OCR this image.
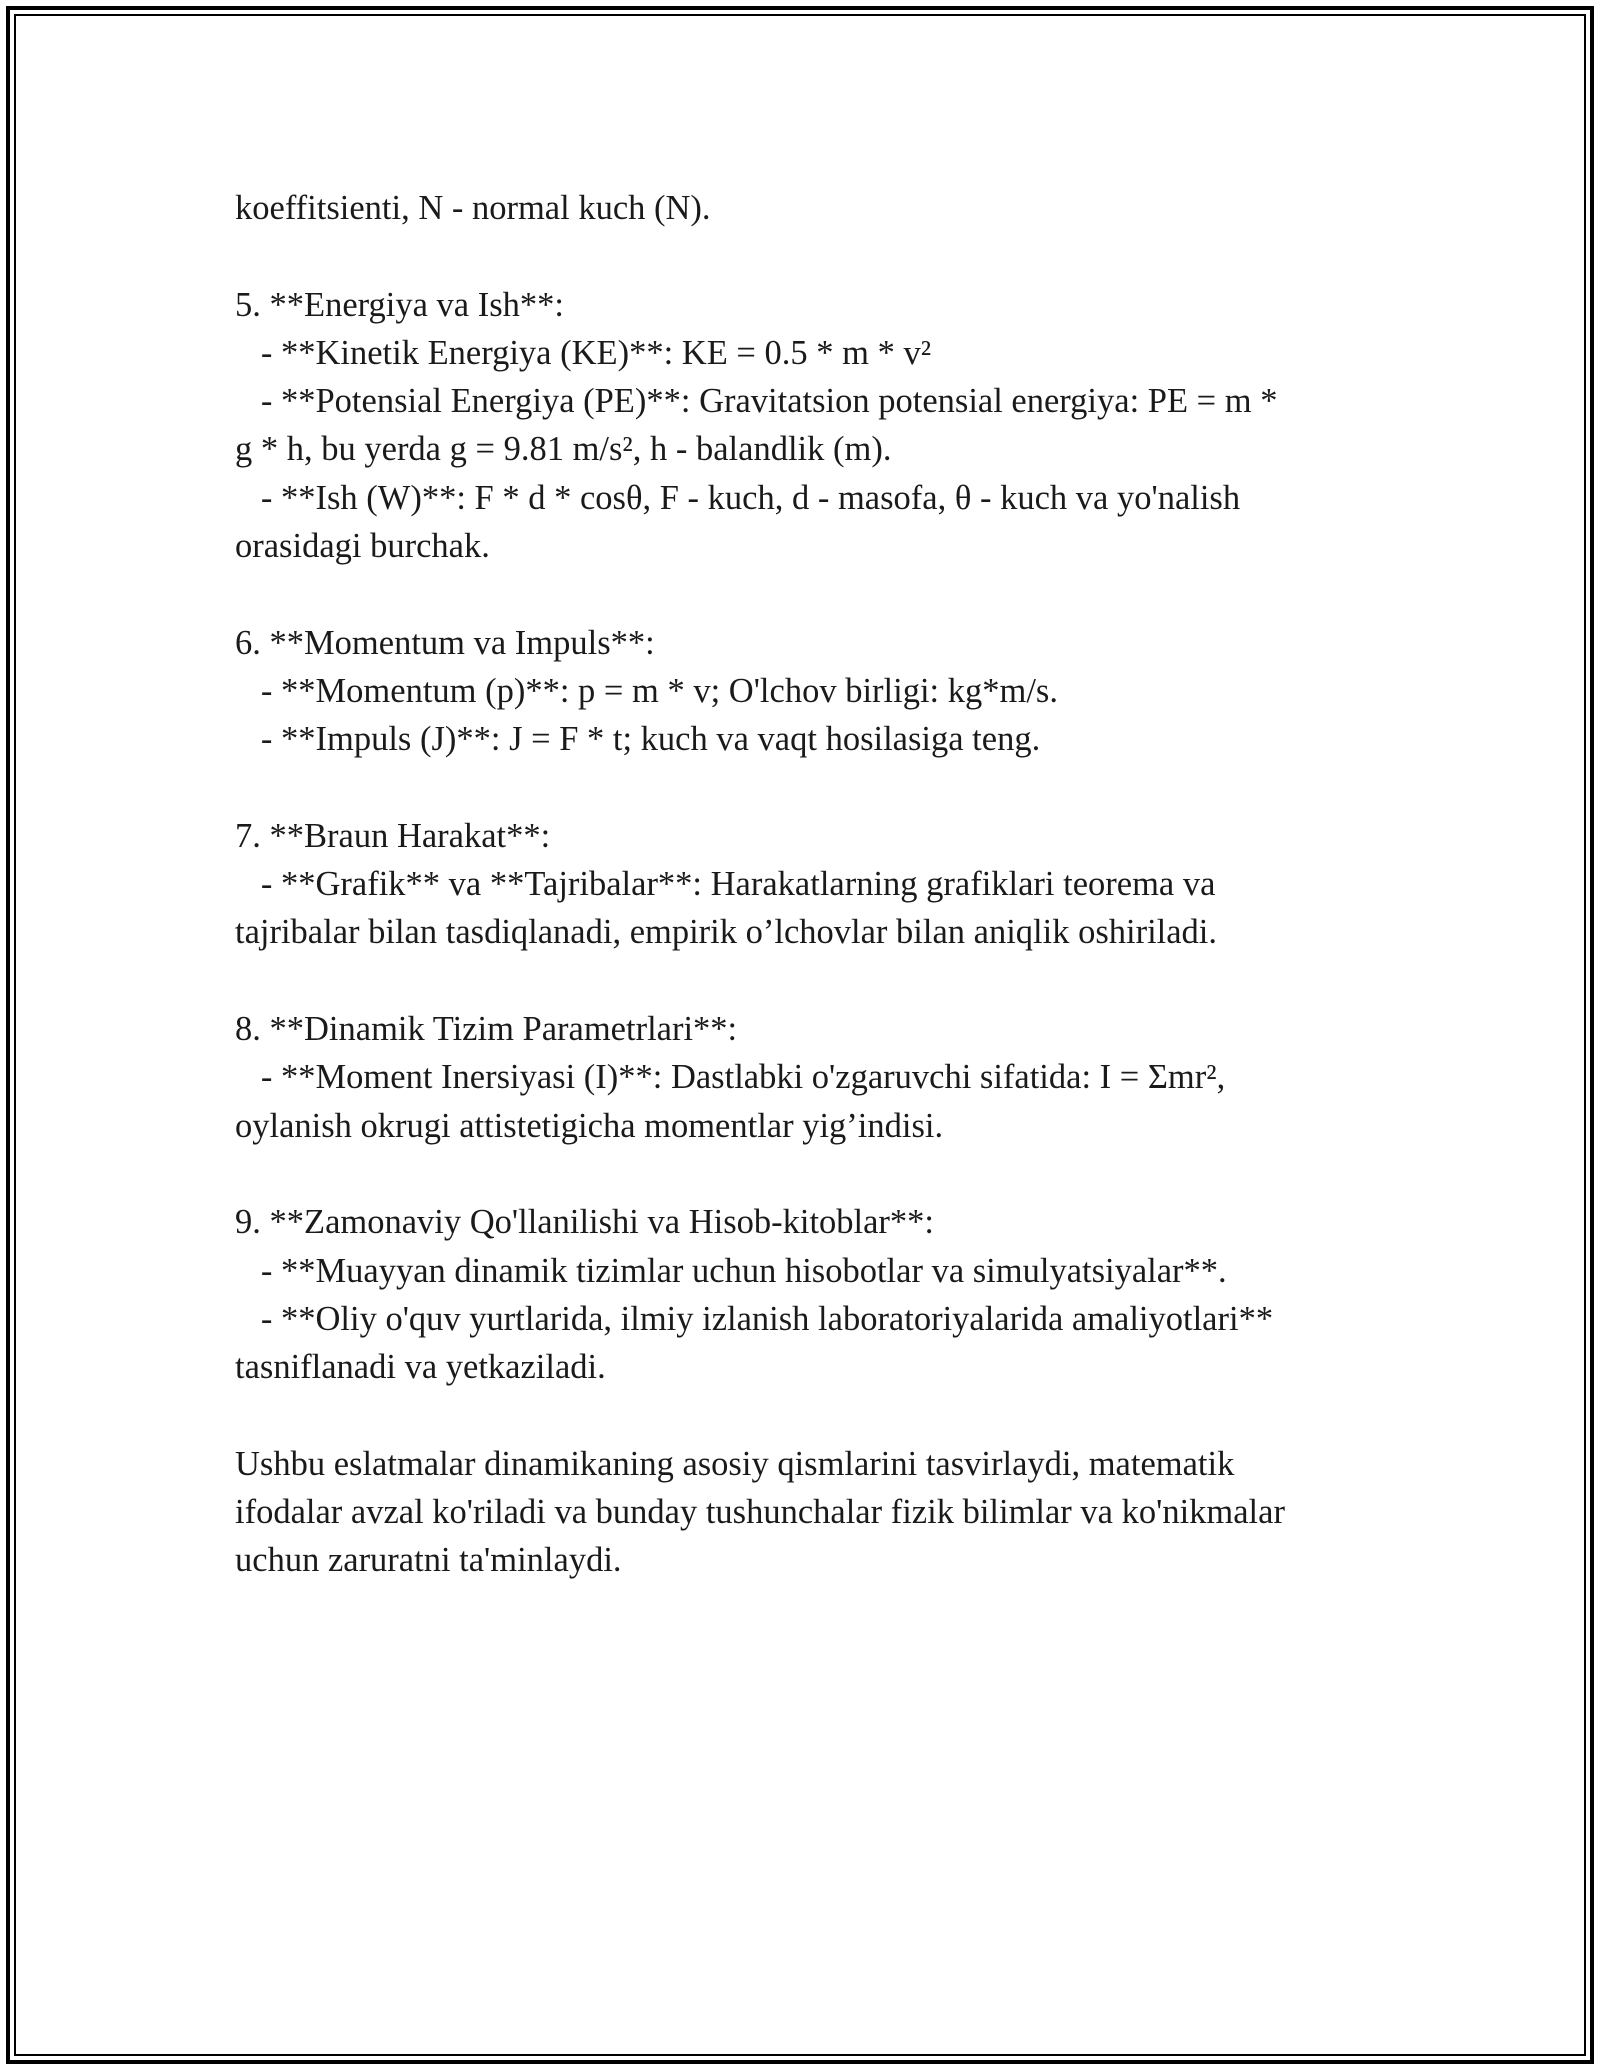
koeffitsienti, N - normal kuch (N).
5. **Energiya va Ish**:
- **Kinetik Energiya (KE)**: KE = 0.5 * m * v²
- **Potensial Energiya (PE)**: Gravitatsion potensial energiya: PE = m *
g * h, bu yerda g = 9.81 m/s², h - balandlik (m).
- **Ish (W)**: F * d * cosθ, F - kuch, d - masofa, θ - kuch va yo'nalish
orasidagi burchak.
6. **Momentum va Impuls**:
- **Momentum (p)**: p = m * v; O'lchov birligi: kg*m/s.
- **Impuls (J)**: J = F * t; kuch va vaqt hosilasiga teng.
7. **Braun Harakat**:
- **Grafik** va **Tajribalar**: Harakatlarning grafiklari teorema va
tajribalar bilan tasdiqlanadi, empirik o’lchovlar bilan aniqlik oshiriladi.
8. **Dinamik Tizim Parametrlari**:
- **Moment Inersiyasi (I)**: Dastlabki o'zgaruvchi sifatida: I = Σmr²,
oylanish okrugi attistetigicha momentlar yig’indisi.
9. **Zamonaviy Qo'llanilishi va Hisob-kitoblar**:
- **Muayyan dinamik tizimlar uchun hisobotlar va simulyatsiyalar**.
- **Oliy o'quv yurtlarida, ilmiy izlanish laboratoriyalarida amaliyotlari**
tasniflanadi va yetkaziladi.
Ushbu eslatmalar dinamikaning asosiy qismlarini tasvirlaydi, matematik
ifodalar avzal ko'riladi va bunday tushunchalar fizik bilimlar va ko'nikmalar
uchun zaruratni ta'minlaydi.
